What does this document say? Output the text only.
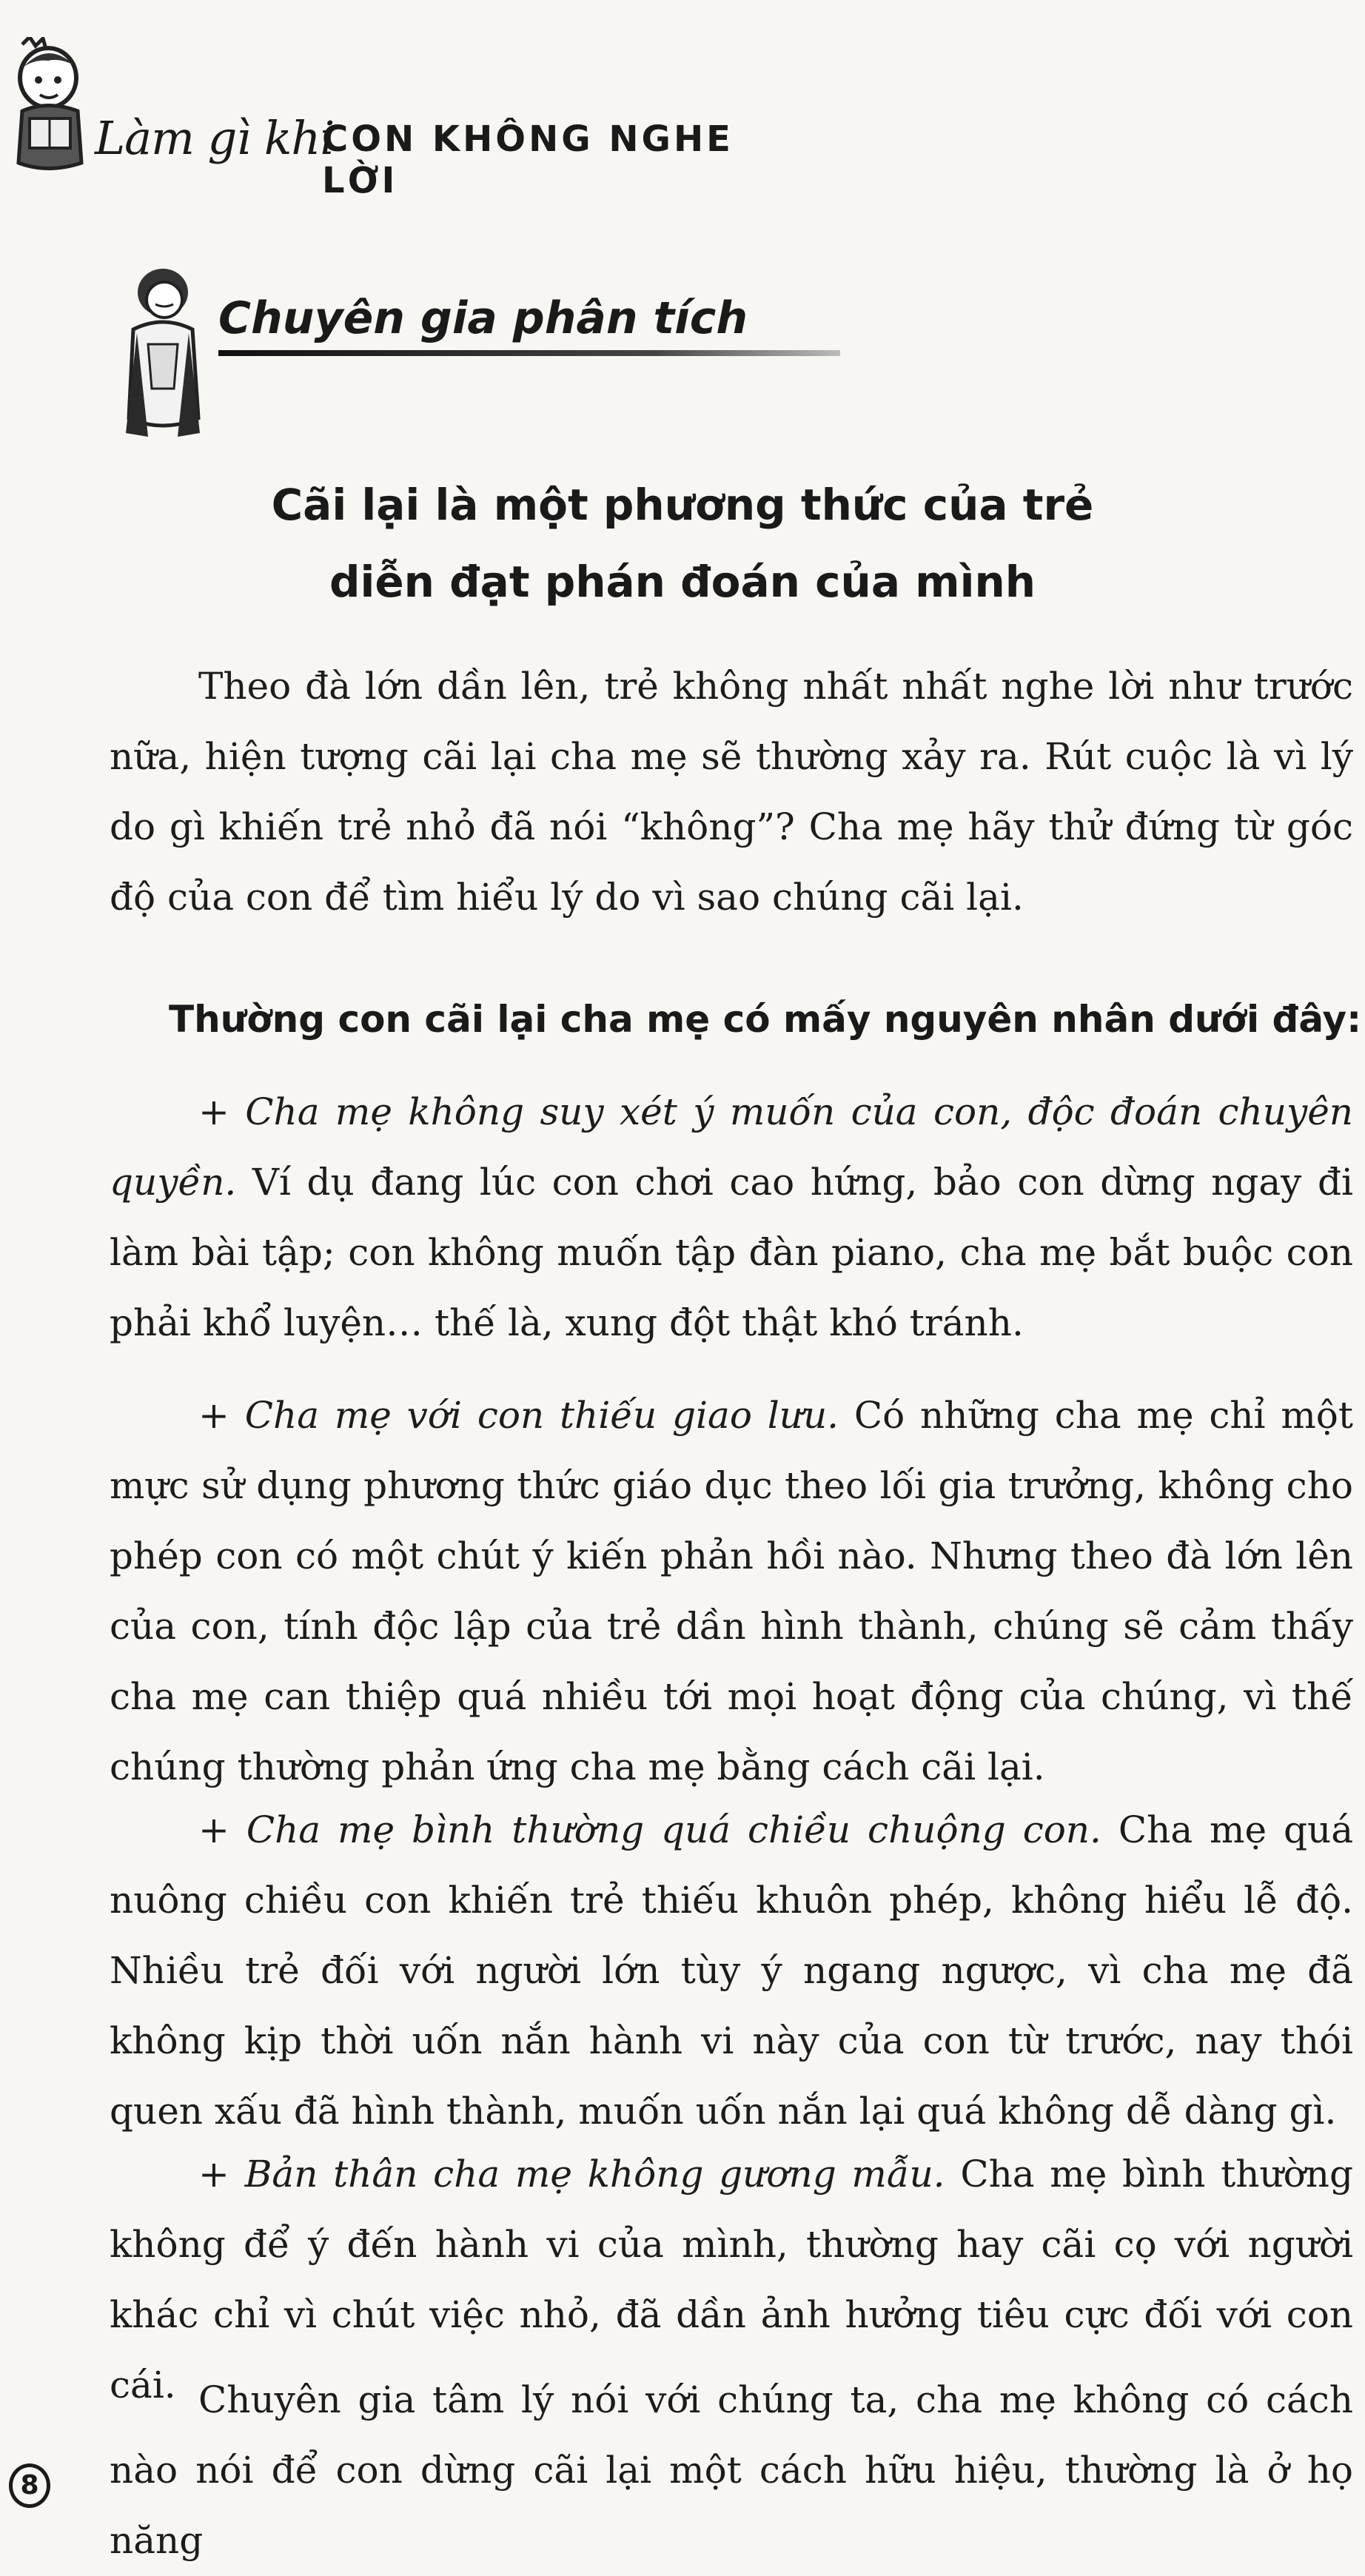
Làm gì khi
CON KHÔNG NGHE LỜI
Chuyên gia phân tích
Cãi lại là một phương thức của trẻ
diễn đạt phán đoán của mình

Theo đà lớn dần lên, trẻ không nhất nhất nghe lời như trước nữa, hiện tượng cãi lại cha mẹ sẽ thường xảy ra. Rút cuộc là vì lý do gì khiến trẻ nhỏ đã nói “không”? Cha mẹ hãy thử đứng từ góc độ của con để tìm hiểu lý do vì sao chúng cãi lại.

Thường con cãi lại cha mẹ có mấy nguyên nhân dưới đây:

+ Cha mẹ không suy xét ý muốn của con, độc đoán chuyên quyền. Ví dụ đang lúc con chơi cao hứng, bảo con dừng ngay đi làm bài tập; con không muốn tập đàn piano, cha mẹ bắt buộc con phải khổ luyện… thế là, xung đột thật khó tránh.

+ Cha mẹ với con thiếu giao lưu. Có những cha mẹ chỉ một mực sử dụng phương thức giáo dục theo lối gia trưởng, không cho phép con có một chút ý kiến phản hồi nào. Nhưng theo đà lớn lên của con, tính độc lập của trẻ dần hình thành, chúng sẽ cảm thấy cha mẹ can thiệp quá nhiều tới mọi hoạt động của chúng, vì thế chúng thường phản ứng cha mẹ bằng cách cãi lại.

+ Cha mẹ bình thường quá chiều chuộng con. Cha mẹ quá nuông chiều con khiến trẻ thiếu khuôn phép, không hiểu lễ độ. Nhiều trẻ đối với người lớn tùy ý ngang ngược, vì cha mẹ đã không kịp thời uốn nắn hành vi này của con từ trước, nay thói quen xấu đã hình thành, muốn uốn nắn lại quá không dễ dàng gì.

+ Bản thân cha mẹ không gương mẫu. Cha mẹ bình thường không để ý đến hành vi của mình, thường hay cãi cọ với người khác chỉ vì chút việc nhỏ, đã dần ảnh hưởng tiêu cực đối với con cái. Chuyên gia tâm lý nói với chúng ta, cha mẹ không có cách nào nói để con dừng cãi lại một cách hữu hiệu, thường là ở họ năng

8
